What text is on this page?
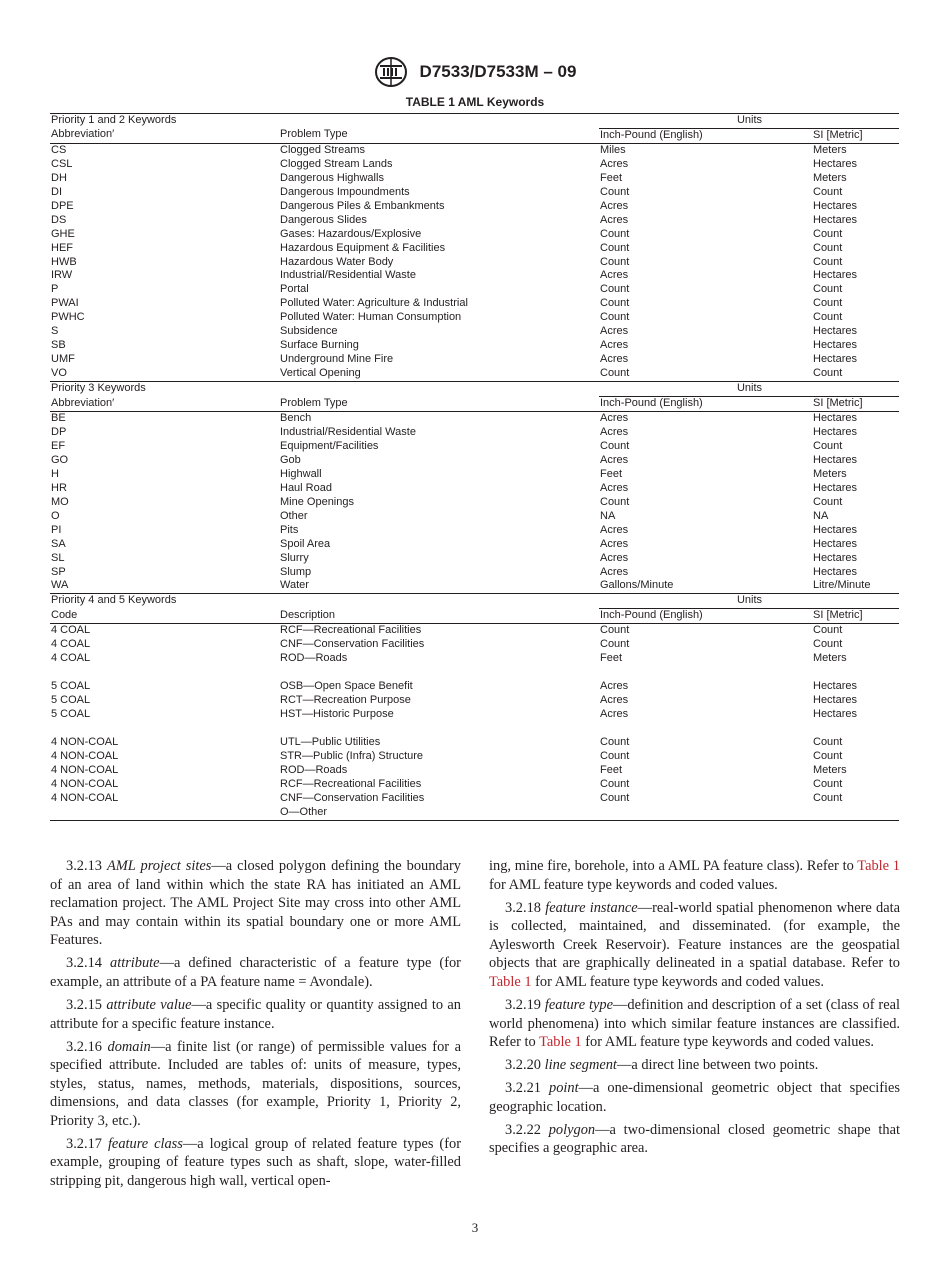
D7533/D7533M – 09
TABLE 1 AML Keywords
Priority 1 and 2 Keywords		Units	
Abbreviation′	Problem Type	Inch-Pound (English)	SI [Metric]
CS	Clogged Streams	Miles	Meters
CSL	Clogged Stream Lands	Acres	Hectares
DH	Dangerous Highwalls	Feet	Meters
DI	Dangerous Impoundments	Count	Count
DPE	Dangerous Piles & Embankments	Acres	Hectares
DS	Dangerous Slides	Acres	Hectares
GHE	Gases: Hazardous/Explosive	Count	Count
HEF	Hazardous Equipment & Facilities	Count	Count
HWB	Hazardous Water Body	Count	Count
IRW	Industrial/Residential Waste	Acres	Hectares
P	Portal	Count	Count
PWAI	Polluted Water: Agriculture & Industrial	Count	Count
PWHC	Polluted Water: Human Consumption	Count	Count
S	Subsidence	Acres	Hectares
SB	Surface Burning	Acres	Hectares
UMF	Underground Mine Fire	Acres	Hectares
VO	Vertical Opening	Count	Count
Priority 3 Keywords		Units	
Abbreviation′	Problem Type	Inch-Pound (English)	SI [Metric]
BE	Bench	Acres	Hectares
DP	Industrial/Residential Waste	Acres	Hectares
EF	Equipment/Facilities	Count	Count
GO	Gob	Acres	Hectares
H	Highwall	Feet	Meters
HR	Haul Road	Acres	Hectares
MO	Mine Openings	Count	Count
O	Other	NA	NA
PI	Pits	Acres	Hectares
SA	Spoil Area	Acres	Hectares
SL	Slurry	Acres	Hectares
SP	Slump	Acres	Hectares
WA	Water	Gallons/Minute	Litre/Minute
Priority 4 and 5 Keywords		Units	
Code	Description	Inch-Pound (English)	SI [Metric]
4 COAL	RCF—Recreational Facilities	Count	Count
4 COAL	CNF—Conservation Facilities	Count	Count
4 COAL	ROD—Roads	Feet	Meters

5 COAL	OSB—Open Space Benefit	Acres	Hectares
5 COAL	RCT—Recreation Purpose	Acres	Hectares
5 COAL	HST—Historic Purpose	Acres	Hectares

4 NON-COAL	UTL—Public Utilities	Count	Count
4 NON-COAL	STR—Public (Infra) Structure	Count	Count
4 NON-COAL	ROD—Roads	Feet	Meters
4 NON-COAL	RCF—Recreational Facilities	Count	Count
4 NON-COAL	CNF—Conservation Facilities	Count	Count
	O—Other		

3.2.13 AML project sites—a closed polygon defining the boundary of an area of land within which the state RA has initiated an AML reclamation project. The AML Project Site may cross into other AML PAs and may contain within its spatial boundary one or more AML Features.

3.2.14 attribute—a defined characteristic of a feature type (for example, an attribute of a PA feature name = Avondale).

3.2.15 attribute value—a specific quality or quantity assigned to an attribute for a specific feature instance.

3.2.16 domain—a finite list (or range) of permissible values for a specified attribute. Included are tables of: units of measure, types, styles, status, names, methods, materials, dispositions, sources, dimensions, and data classes (for example, Priority 1, Priority 2, Priority 3, etc.).

3.2.17 feature class—a logical group of related feature types (for example, grouping of feature types such as shaft, slope, water-filled stripping pit, dangerous high wall, vertical open-

ing, mine fire, borehole, into a AML PA feature class). Refer to Table 1 for AML feature type keywords and coded values.

3.2.18 feature instance—real-world spatial phenomenon where data is collected, maintained, and disseminated. (for example, the Aylesworth Creek Reservoir). Feature instances are the geospatial objects that are graphically delineated in a spatial database. Refer to Table 1 for AML feature type keywords and coded values.

3.2.19 feature type—definition and description of a set (class of real world phenomena) into which similar feature instances are classified. Refer to Table 1 for AML feature type keywords and coded values.

3.2.20 line segment—a direct line between two points.

3.2.21 point—a one-dimensional geometric object that specifies geographic location.

3.2.22 polygon—a two-dimensional closed geometric shape that specifies a geographic area.

3
